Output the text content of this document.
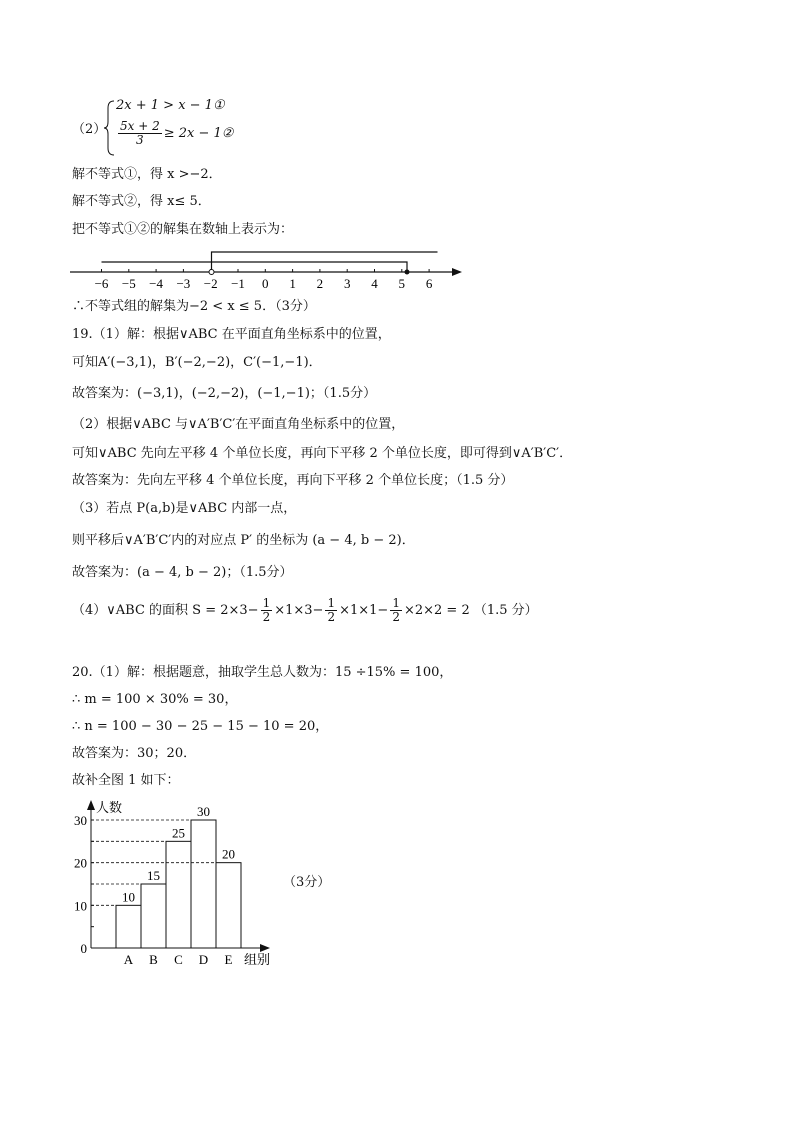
（2）
2x + 1 > x − 1①
$\frac{5x + 2}{3} \ge 2x$ − 1②
解不等式①，得 x >−2．
解不等式②，得 x≤ 5．
把不等式①②的解集在数轴上表示为：
−6 −5 −4 −3 −2 −1 0 1 2 3 4 5 6
∴不等式组的解集为−2 < x ≤ 5．（3分）
19.（1）解：根据∨ABC 在平面直角坐标系中的位置，
可知A′(−3,1)，B′(−2,−2)，C′(−1,−1)．
故答案为：(−3,1)，(−2,−2)，(−1,−1)；（1.5分）
（2）根据∨ABC 与∨A′B′C′在平面直角坐标系中的位置，
可知∨ABC 先向左平移 4 个单位长度，再向下平移 2 个单位长度，即可得到∨A′B′C′．
故答案为：先向左平移 4 个单位长度，再向下平移 2 个单位长度；（1.5 分）
（3）若点 P(a,b)是∨ABC 内部一点，
则平移后∨A′B′C′内的对应点 P′ 的坐标为 (a − 4, b − 2)．
故答案为：(a − 4, b − 2)；（1.5分）
（4）∨ABC 的面积 $S = 2\times 3- \frac{1}{2} \times 1\times 3- \frac{1}{2} \times 1\times 1- \frac{1}{2} \times 2\times 2 = 2$ （1.5 分）
20.（1）解：根据题意，抽取学生总人数为：15 ÷15% = 100，
∴ m = 100 × 30% = 30，
∴ n = 100 − 30 − 25 − 15 − 10 = 20，
故答案为：30；20．
故补全图 1 如下：
0
10
20
30
人数
组别
10
A
15
B
25
C
30
D
20
E
（3分）
